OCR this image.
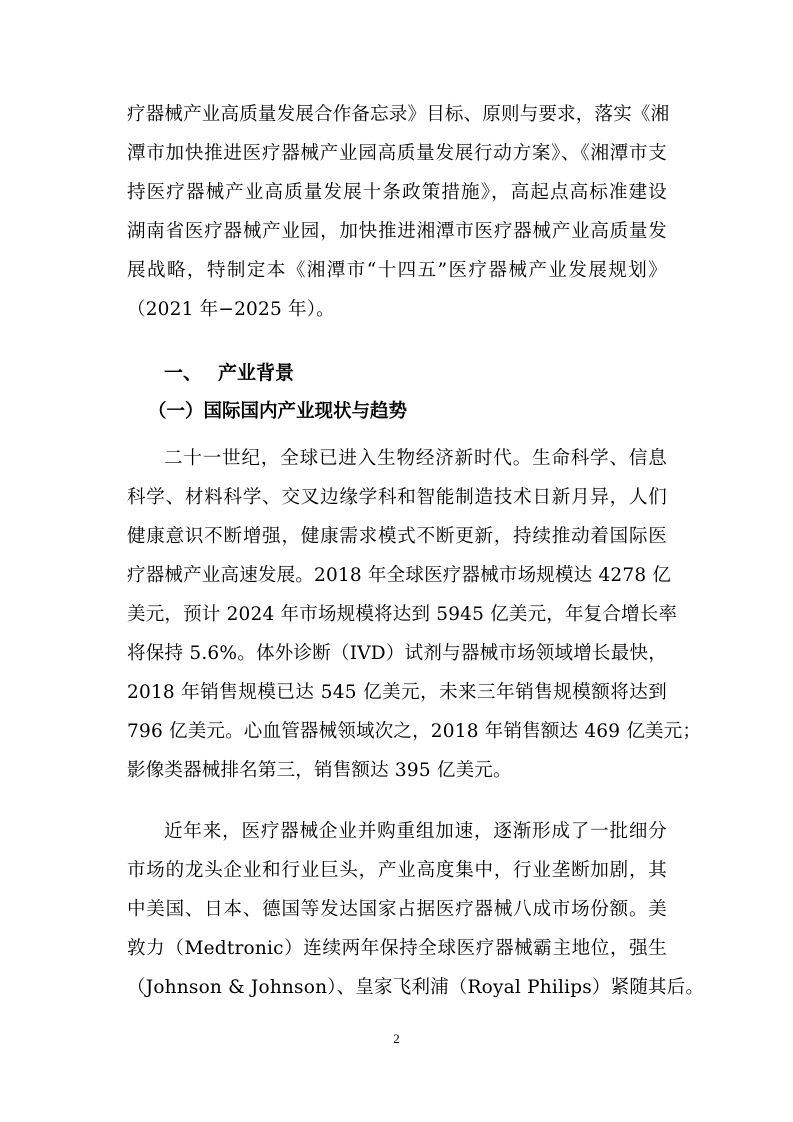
疗器械产业高质量发展合作备忘录》目标、原则与要求，落实《湘
潭市加快推进医疗器械产业园高质量发展行动方案》、《湘潭市支
持医疗器械产业高质量发展十条政策措施》，高起点高标准建设
湖南省医疗器械产业园，加快推进湘潭市医疗器械产业高质量发
展战略，特制定本《湘潭市“十四五”医疗器械产业发展规划》
（2021 年−2025 年）。
一、 产业背景
（一）国际国内产业现状与趋势
二十一世纪，全球已进入生物经济新时代。生命科学、信息
科学、材料科学、交叉边缘学科和智能制造技术日新月异，人们
健康意识不断增强，健康需求模式不断更新，持续推动着国际医
疗器械产业高速发展。2018 年全球医疗器械市场规模达 4278 亿
美元，预计 2024 年市场规模将达到 5945 亿美元，年复合增长率
将保持 5.6%。体外诊断（IVD）试剂与器械市场领域增长最快，
2018 年销售规模已达 545 亿美元，未来三年销售规模额将达到
796 亿美元。心血管器械领域次之，2018 年销售额达 469 亿美元；
影像类器械排名第三，销售额达 395 亿美元。
近年来，医疗器械企业并购重组加速，逐渐形成了一批细分
市场的龙头企业和行业巨头，产业高度集中，行业垄断加剧，其
中美国、日本、德国等发达国家占据医疗器械八成市场份额。美
敦力（Medtronic）连续两年保持全球医疗器械霸主地位，强生
（Johnson & Johnson）、皇家飞利浦（Royal Philips）紧随其后。
2
